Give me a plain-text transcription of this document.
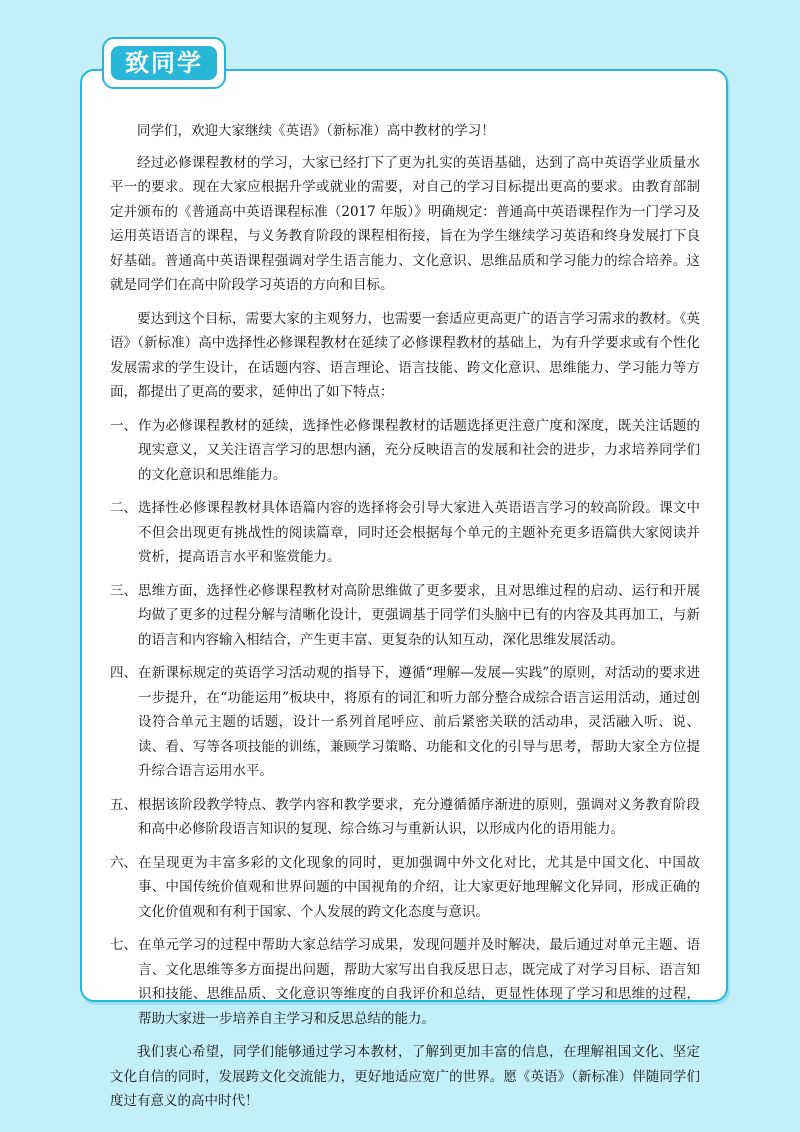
致同学

同学们，欢迎大家继续《英语》（新标准）高中教材的学习！

经过必修课程教材的学习，大家已经打下了更为扎实的英语基础，达到了高中英语学业质量水平一的要求。现在大家应根据升学或就业的需要，对自己的学习目标提出更高的要求。由教育部制定并颁布的《普通高中英语课程标准（2017 年版）》明确规定：普通高中英语课程作为一门学习及运用英语语言的课程，与义务教育阶段的课程相衔接，旨在为学生继续学习英语和终身发展打下良好基础。普通高中英语课程强调对学生语言能力、文化意识、思维品质和学习能力的综合培养。这就是同学们在高中阶段学习英语的方向和目标。

要达到这个目标，需要大家的主观努力，也需要一套适应更高更广的语言学习需求的教材。《英语》（新标准）高中选择性必修课程教材在延续了必修课程教材的基础上，为有升学要求或有个性化发展需求的学生设计，在话题内容、语言理论、语言技能、跨文化意识、思维能力、学习能力等方面，都提出了更高的要求，延伸出了如下特点：

一、 作为必修课程教材的延续，选择性必修课程教材的话题选择更注意广度和深度，既关注话题的现实意义，又关注语言学习的思想内涵，充分反映语言的发展和社会的进步，力求培养同学们的文化意识和思维能力。
二、 选择性必修课程教材具体语篇内容的选择将会引导大家进入英语语言学习的较高阶段。课文中不但会出现更有挑战性的阅读篇章，同时还会根据每个单元的主题补充更多语篇供大家阅读并赏析，提高语言水平和鉴赏能力。
三、 思维方面，选择性必修课程教材对高阶思维做了更多要求，且对思维过程的启动、运行和开展均做了更多的过程分解与清晰化设计，更强调基于同学们头脑中已有的内容及其再加工，与新的语言和内容输入相结合，产生更丰富、更复杂的认知互动，深化思维发展活动。
四、 在新课标规定的英语学习活动观的指导下，遵循“理解—发展—实践”的原则，对活动的要求进一步提升，在“功能运用”板块中，将原有的词汇和听力部分整合成综合语言运用活动，通过创设符合单元主题的话题，设计一系列首尾呼应、前后紧密关联的活动串，灵活融入听、说、读、看、写等各项技能的训练，兼顾学习策略、功能和文化的引导与思考，帮助大家全方位提升综合语言运用水平。
五、 根据该阶段教学特点、教学内容和教学要求，充分遵循循序渐进的原则，强调对义务教育阶段和高中必修阶段语言知识的复现、综合练习与重新认识，以形成内化的语用能力。
六、 在呈现更为丰富多彩的文化现象的同时，更加强调中外文化对比，尤其是中国文化、中国故事、中国传统价值观和世界问题的中国视角的介绍，让大家更好地理解文化异同，形成正确的文化价值观和有利于国家、个人发展的跨文化态度与意识。
七、 在单元学习的过程中帮助大家总结学习成果，发现问题并及时解决，最后通过对单元主题、语言、文化思维等多方面提出问题，帮助大家写出自我反思日志，既完成了对学习目标、语言知识和技能、思维品质、文化意识等维度的自我评价和总结，更显性体现了学习和思维的过程，帮助大家进一步培养自主学习和反思总结的能力。

我们衷心希望，同学们能够通过学习本教材，了解到更加丰富的信息，在理解祖国文化、坚定文化自信的同时，发展跨文化交流能力，更好地适应宽广的世界。愿《英语》（新标准）伴随同学们度过有意义的高中时代！
